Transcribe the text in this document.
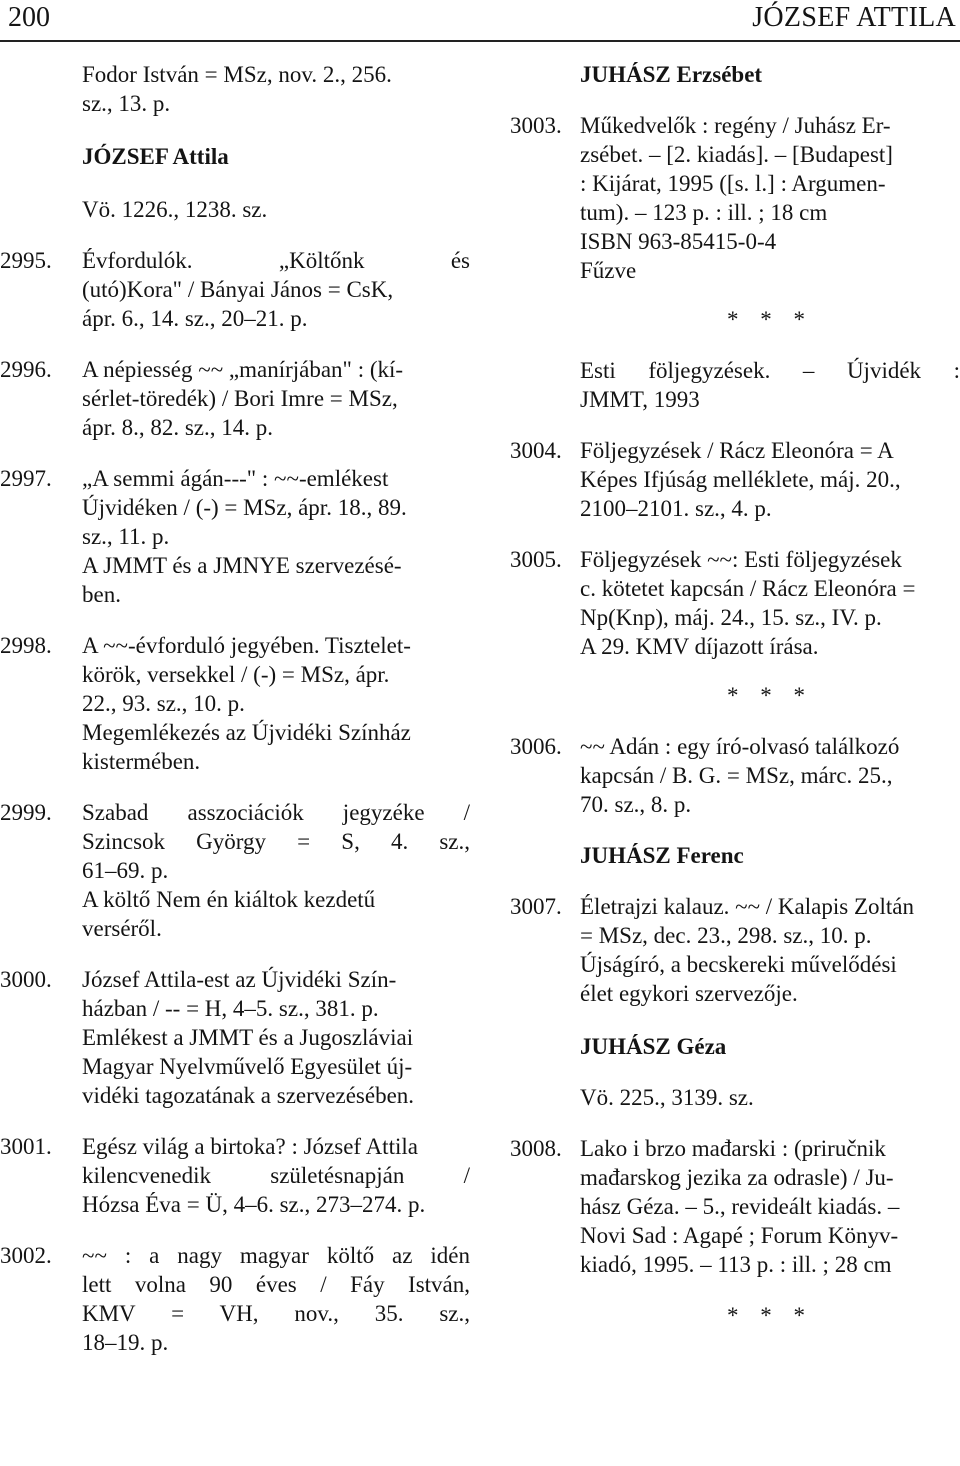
200	JÓZSEF ATTILA
Fodor István = MSz, nov. 2., 256.
sz., 13. p.
JÓZSEF Attila
Vö. 1226., 1238. sz.
2995. Évfordulók. „Költőnk és
(utó)Kora" / Bányai János = CsK,
ápr. 6., 14. sz., 20–21. p.
2996. A népiesség ~~ „manírjában" : (kí-
sérlet-töredék) / Bori Imre = MSz,
ápr. 8., 82. sz., 14. p.
2997. „A semmi ágán---" : ~~-emlékest
Újvidéken / (-) = MSz, ápr. 18., 89.
sz., 11. p.
A JMMT és a JMNYE szervezésé-
ben.
2998. A ~~-évforduló jegyében. Tisztelet-
körök, versekkel / (-) = MSz, ápr.
22., 93. sz., 10. p.
Megemlékezés az Újvidéki Színház
kistermében.
2999. Szabad asszociációk jegyzéke /
Szincsok György = S, 4. sz.,
61–69. p.
A költő Nem én kiáltok kezdetű
verséről.
3000. József Attila-est az Újvidéki Szín-
házban / -- = H, 4–5. sz., 381. p.
Emlékest a JMMT és a Jugoszláviai
Magyar Nyelvművelő Egyesület új-
vidéki tagozatának a szervezésében.
3001. Egész világ a birtoka? : József Attila
kilencvenedik születésnapján /
Hózsa Éva = Ü, 4–6. sz., 273–274. p.
3002. ~~ : a nagy magyar költő az idén
lett volna 90 éves / Fáy István,
KMV = VH, nov., 35. sz.,
18–19. p.
JUHÁSZ Erzsébet
3003. Műkedvelők : regény / Juhász Er-
zsébet. – [2. kiadás]. – [Budapest]
: Kijárat, 1995 ([s. l.] : Argumen-
tum). – 123 p. : ill. ; 18 cm
ISBN 963-85415-0-4
Fűzve
* * *
Esti följegyzések. – Újvidék :
JMMT, 1993
3004. Följegyzések / Rácz Eleonóra = A
Képes Ifjúság melléklete, máj. 20.,
2100–2101. sz., 4. p.
3005. Följegyzések ~~: Esti följegyzések
c. kötetet kapcsán / Rácz Eleonóra =
Np(Knp), máj. 24., 15. sz., IV. p.
A 29. KMV díjazott írása.
* * *
3006. ~~ Adán : egy író-olvasó találkozó
kapcsán / B. G. = MSz, márc. 25.,
70. sz., 8. p.
JUHÁSZ Ferenc
3007. Életrajzi kalauz. ~~ / Kalapis Zoltán
= MSz, dec. 23., 298. sz., 10. p.
Újságíró, a becskereki művelődési
élet egykori szervezője.
JUHÁSZ Géza
Vö. 225., 3139. sz.
3008. Lako i brzo mađarski : (priručnik
mađarskog jezika za odrasle) / Ju-
hász Géza. – 5., revideált kiadás. –
Novi Sad : Agapé ; Forum Könyv-
kiadó, 1995. – 113 p. : ill. ; 28 cm
* * *
